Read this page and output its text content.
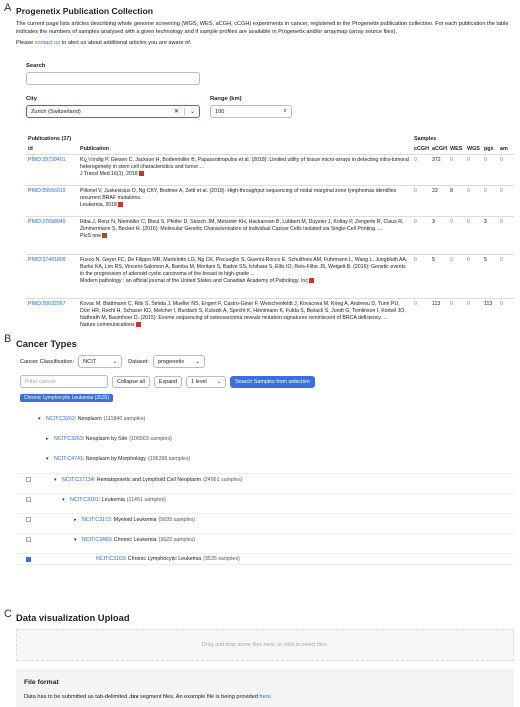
A
B
C
Progenetix Publication Collection

The current page lists articles describing whole genome screening (WGS, WES, aCGH, cCGH) experiments in cancer, registered in the Progenetix publication collection. For each publication the table indicates the numbers of samples analysed with a given technology and if sample profiles are available in Progenetix and/or arraymap (array source files).

Please contact us to alert us about additional articles you are aware of.

Search
City
Zurich (Switzerland)	✕ ⌄
Range (km)
100	⇕
Publications (37)		Samples					
id	Publication	cCGH	aCGH	WES	WGS	pgx	am
PMID:29739401	Kï¿½ïndig P, Giesen C, Jackson H, Bodenmiller B, Papassotiropulos et al. (2018): Limited utility of tissue micro-arrays in detecting intra-tumoral heterogeneity in stem cell characteristics and tumor ...
J Transl Med 16(1), 2018	0	372	0	0	0	0
PMID:29556019	Pillonel V, Juskevicius D, Ng CKY, Bodmer A, Zettl et al. (2018): High-throughput sequencing of nodal marginal zone lymphomas identifies recurrent BRAF mutations.
Leukemia, 2018	0	22	8	0	0	0
PMID:27658049	Riba J, Renz N, Niemöller C, Bleul S, Pfeifer D, Stosch JM, Metzeler KH, Hackanson B, Lübbert M, Duyster J, Koltay P, Zengerle R, Claus R, Zimmermann S, Becker H. (2016): Molecular Genetic Characterization of Individual Cancer Cells Isolated via Single-Cell Printing. ...
PloS one	0	3	0	0	3	0
PMID:27491809	Fusco N, Geyer FC, De Filippo MR, Martelotto LG, Ng CK, Piscuoglio S, Guerini-Rocco E, Schultheis AM, Fuhrmann L, Wang L, Jungbluth AA, Burke KA, Lim RS, Vincent-Salomon A, Bamba M, Moritani S, Badve SS, Ichihara S, Ellis IO, Reis-Filho JS, Weigelt B. (2016): Genetic events in the progression of adenoid cystic carcinoma of the breast to high-grade ...
Modern pathology : an official journal of the United States and Canadian Academy of Pathology, Inc	0	5	0	0	5	0
PMID:26632267	Kovac M, Blattmann C, Ribi S, Smida J, Mueller NS, Engert F, Castro-Giner F, Weischenfeldt J, Kovacova M, Krieg A, Andreou D, Tunn PU, Dürr HR, Rechl H, Schaser KD, Melcher I, Burdach S, Kulozik A, Specht K, Heinimann K, Fulda S, Bielack S, Jundt G, Tomlinson I, Korbel JO, Nathrath M, Baumhoer D. (2015): Exome sequencing of osteosarcoma reveals mutation signatures reminiscent of BRCA deficiency. ...
Nature communications	0	113	0	0	113	0
Cancer Types
Cancer Classification: NCIT	⌄ Dataset: progenetix ⌄
Filter cancer	Collapse all	Expand	1 level ⌄	Search Samples from selection
Chronic Lymphocytic Leukemia (3535)
▾	NCIT:C3262 : Neoplasm (111840 samples)
▸	NCIT:C3263 : Neoplasm by Site (106563 samples)
▾	NCIT:C4741 : Neoplasm by Morphology (106398 samples)
▾	NCIT:C27134 : Hematopoietic and Lymphoid Cell Neoplasm (24961 samples)
▾	NCIT:C3161 : Leukemia (11451 samples)
▸	NCIT:C3172 : Myeloid Leukemia (5635 samples)
▾	NCIT:C3483 : Chronic Leukemia (3622 samples)
NCIT:C3163 : Chronic Lymphocytic Leukemia (3535 samples)
Data visualization Upload
Drag and drop some files here, or click to select files.
File format

Data has to be submitted as tab-delimited .tsv segment files. An example file is being provided here.
